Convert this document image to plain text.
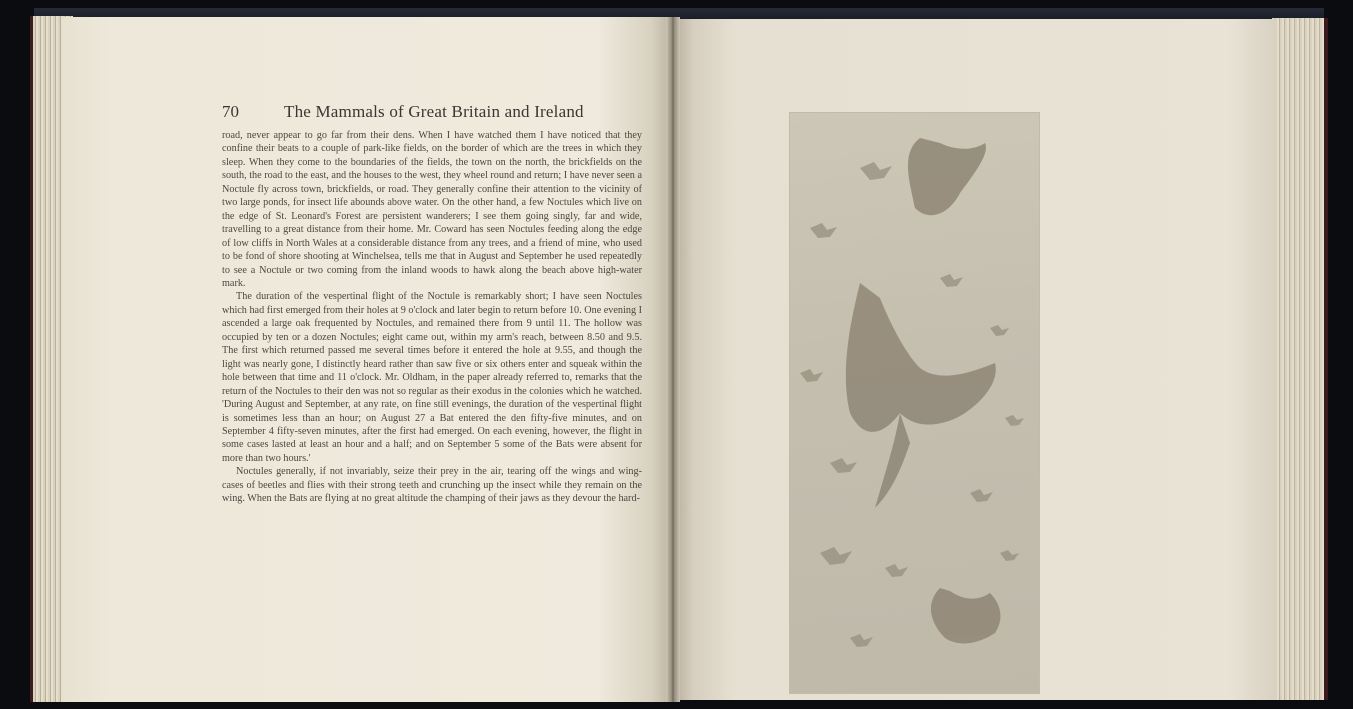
70	The Mammals of Great Britain and Ireland

road, never appear to go far from their dens. When I have watched them I have noticed that they confine their beats to a couple of park-like fields, on the border of which are the trees in which they sleep. When they come to the boundaries of the fields, the town on the north, the brickfields on the south, the road to the east, and the houses to the west, they wheel round and return; I have never seen a Noctule fly across town, brickfields, or road. They generally confine their attention to the vicinity of two large ponds, for insect life abounds above water. On the other hand, a few Noctules which live on the edge of St. Leonard's Forest are persistent wanderers; I see them going singly, far and wide, travelling to a great distance from their home. Mr. Coward has seen Noctules feeding along the edge of low cliffs in North Wales at a considerable distance from any trees, and a friend of mine, who used to be fond of shore shooting at Winchelsea, tells me that in August and September he used repeatedly to see a Noctule or two coming from the inland woods to hawk along the beach above high-water mark.

The duration of the vespertinal flight of the Noctule is remarkably short; I have seen Noctules which had first emerged from their holes at 9 o'clock and later begin to return before 10. One evening I ascended a large oak frequented by Noctules, and remained there from 9 until 11. The hollow was occupied by ten or a dozen Noctules; eight came out, within my arm's reach, between 8.50 and 9.5. The first which returned passed me several times before it entered the hole at 9.55, and though the light was nearly gone, I distinctly heard rather than saw five or six others enter and squeak within the hole between that time and 11 o'clock. Mr. Oldham, in the paper already referred to, remarks that the return of the Noctules to their den was not so regular as their exodus in the colonies which he watched. 'During August and September, at any rate, on fine still evenings, the duration of the vespertinal flight is sometimes less than an hour; on August 27 a Bat entered the den fifty-five minutes, and on September 4 fifty-seven minutes, after the first had emerged. On each evening, however, the flight in some cases lasted at least an hour and a half; and on September 5 some of the Bats were absent for more than two hours.'

Noctules generally, if not invariably, seize their prey in the air, tearing off the wings and wing-cases of beetles and flies with their strong teeth and crunching up the insect while they remain on the wing. When the Bats are flying at no great altitude the champing of their jaws as they devour the hard-
